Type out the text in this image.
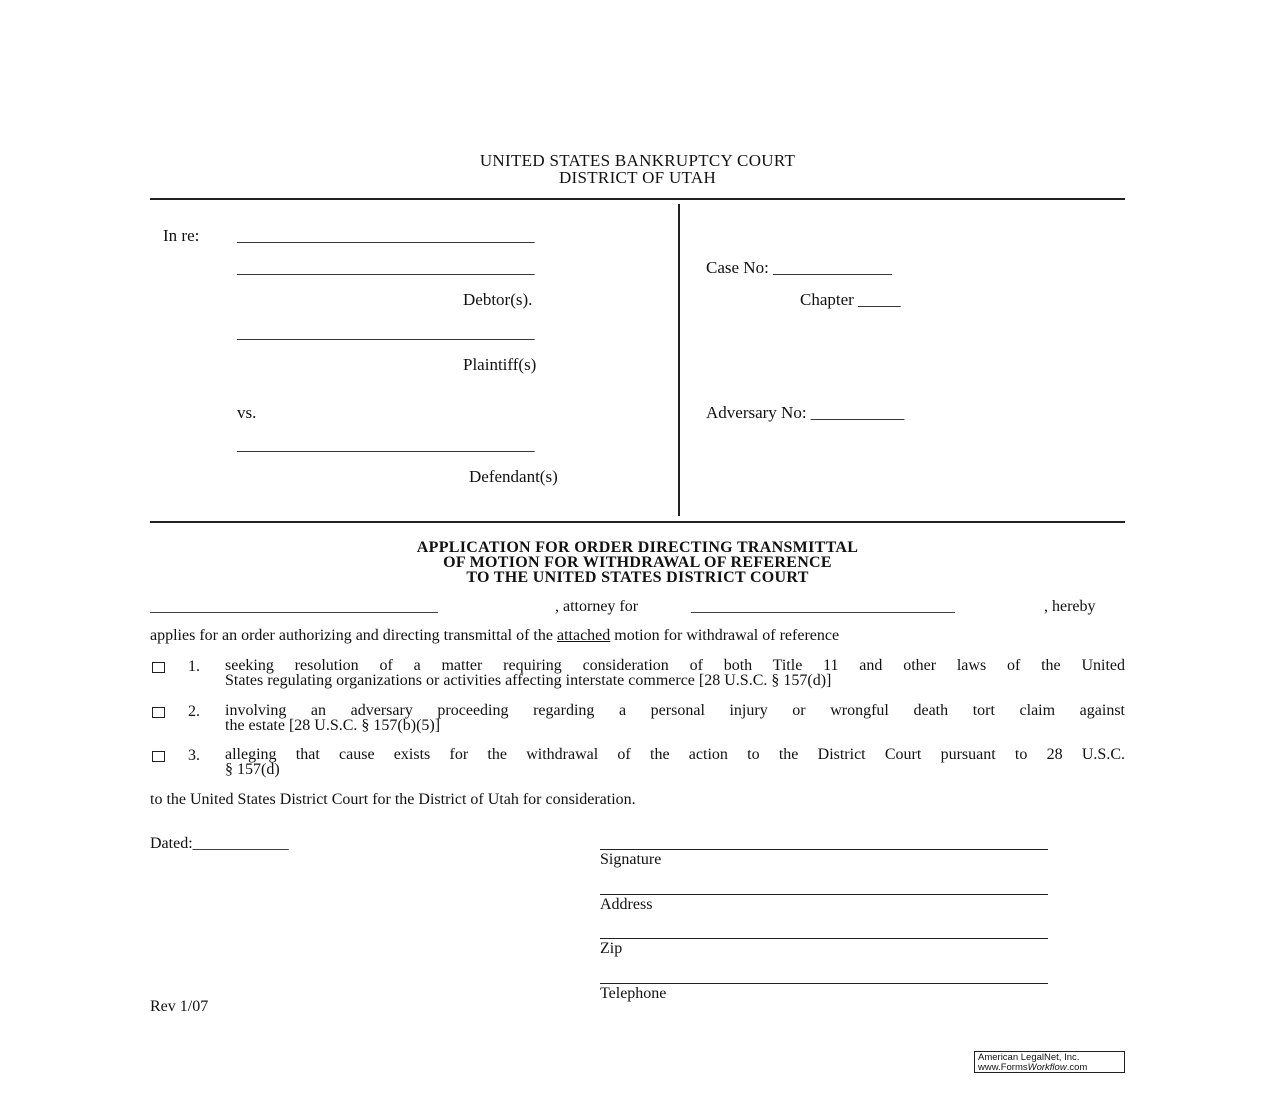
UNITED STATES BANKRUPTCY COURT
DISTRICT OF UTAH
In re: ___________________________________
___________________________________
Debtor(s).
___________________________________
Plaintiff(s)
vs.
___________________________________
Defendant(s)
Case No: ______________
Chapter _____
Adversary No: ___________
APPLICATION FOR ORDER DIRECTING TRANSMITTAL
OF MOTION FOR WITHDRAWAL OF REFERENCE
TO THE UNITED STATES DISTRICT COURT
____________________________________	, attorney for	_________________________________	, hereby
applies for an order authorizing and directing transmittal of the attached motion for withdrawal of reference
1. seeking resolution of a matter requiring consideration of both Title 11 and other laws of the United
States regulating organizations or activities affecting interstate commerce [28 U.S.C. § 157(d)]
2. involving an adversary proceeding regarding a personal injury or wrongful death tort claim against
the estate [28 U.S.C. § 157(b)(5)]
3. alleging that cause exists for the withdrawal of the action to the District Court pursuant to 28 U.S.C.
§ 157(d)
to the United States District Court for the District of Utah for consideration.
Dated:____________
Signature
Address
Zip
Telephone
Rev 1/07
American LegalNet, Inc.
www.FormsWorkflow.com
